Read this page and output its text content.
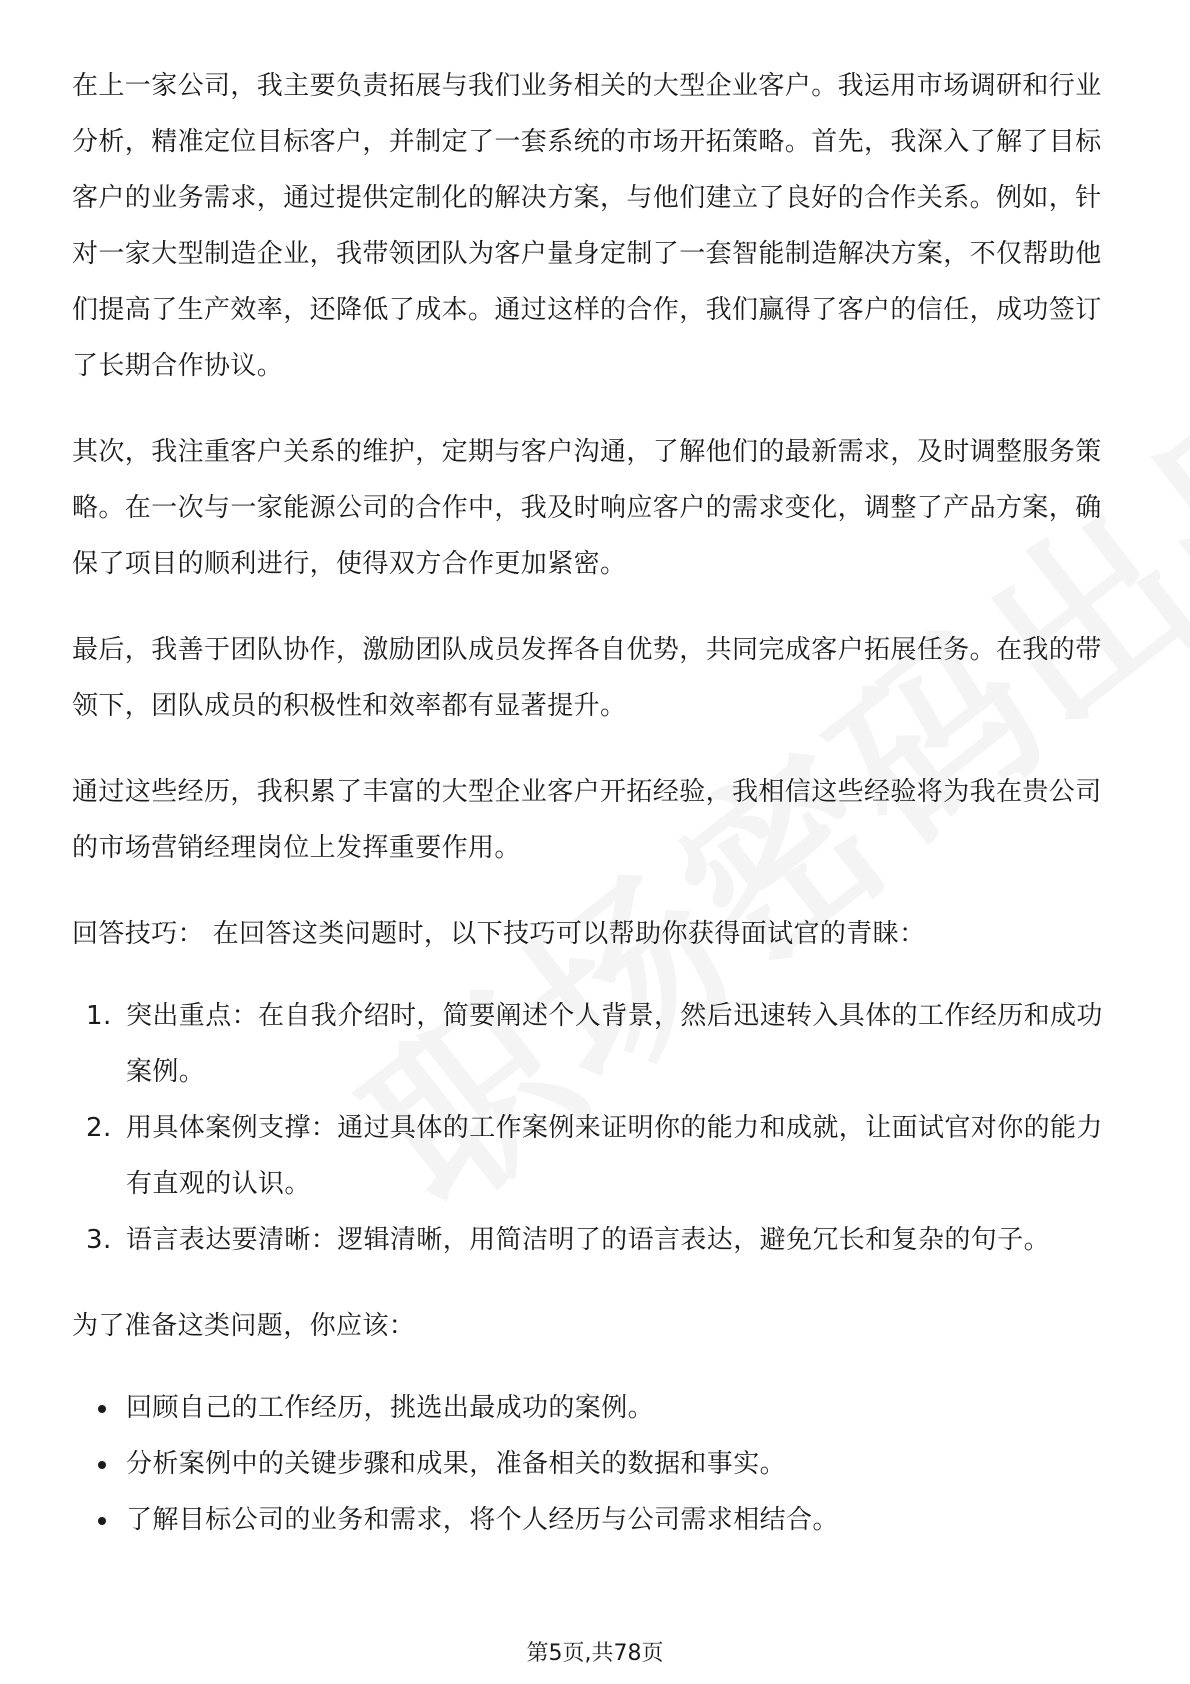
在上一家公司，我主要负责拓展与我们业务相关的大型企业客户。我运用市场调研和行业分析，精准定位目标客户，并制定了一套系统的市场开拓策略。首先，我深入了解了目标客户的业务需求，通过提供定制化的解决方案，与他们建立了良好的合作关系。例如，针对一家大型制造企业，我带领团队为客户量身定制了一套智能制造解决方案，不仅帮助他们提高了生产效率，还降低了成本。通过这样的合作，我们赢得了客户的信任，成功签订了长期合作协议。

其次，我注重客户关系的维护，定期与客户沟通，了解他们的最新需求，及时调整服务策略。在一次与一家能源公司的合作中，我及时响应客户的需求变化，调整了产品方案，确保了项目的顺利进行，使得双方合作更加紧密。

最后，我善于团队协作，激励团队成员发挥各自优势，共同完成客户拓展任务。在我的带领下，团队成员的积极性和效率都有显著提升。

通过这些经历，我积累了丰富的大型企业客户开拓经验，我相信这些经验将为我在贵公司的市场营销经理岗位上发挥重要作用。

回答技巧： 在回答这类问题时，以下技巧可以帮助你获得面试官的青睐：

1. 突出重点：在自我介绍时，简要阐述个人背景，然后迅速转入具体的工作经历和成功案例。
2. 用具体案例支撑：通过具体的工作案例来证明你的能力和成就，让面试官对你的能力有直观的认识。
3. 语言表达要清晰：逻辑清晰，用简洁明了的语言表达，避免冗长和复杂的句子。

为了准备这类问题，你应该：

回顾自己的工作经历，挑选出最成功的案例。
分析案例中的关键步骤和成果，准备相关的数据和事实。
了解目标公司的业务和需求，将个人经历与公司需求相结合。
第5页,共78页
